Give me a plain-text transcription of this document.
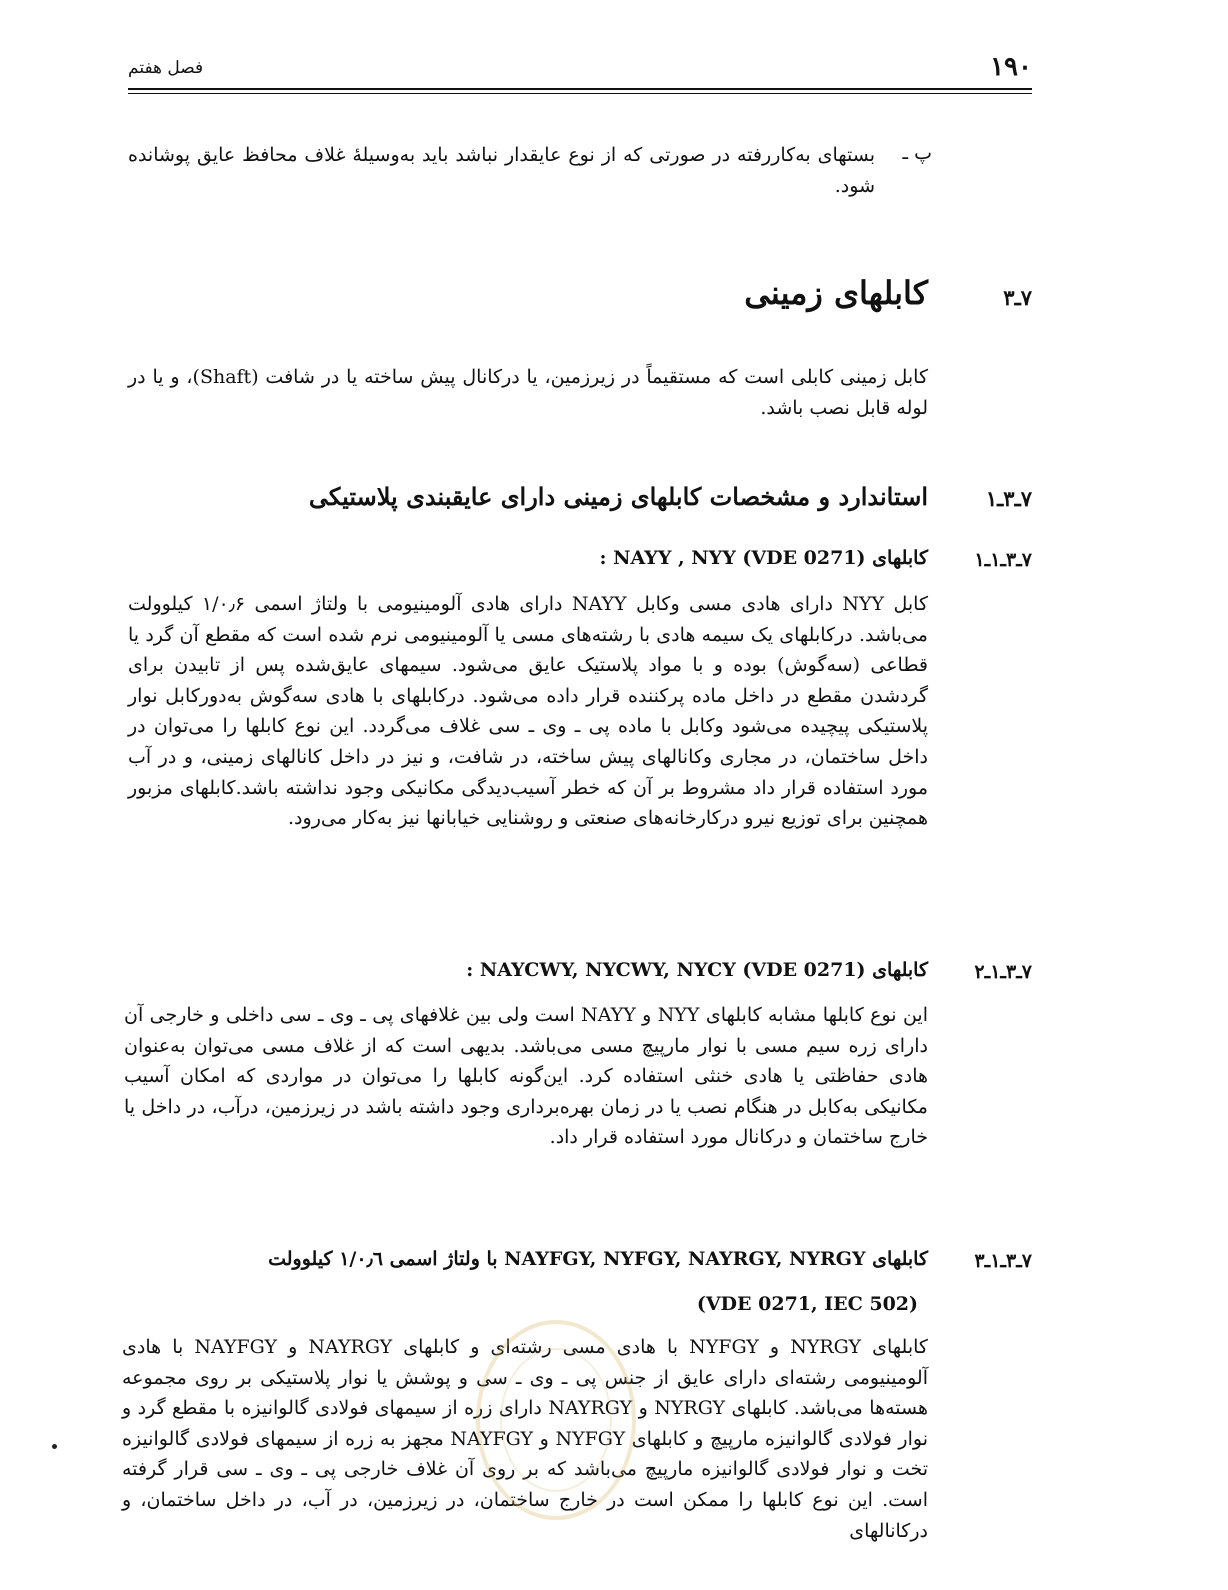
۱۹۰
فصل هفتم
پ ـ
بستهای به‌کاررفته در صورتی که از نوع عایقدار نباشد باید به‌وسیلهٔ غلاف محافظ عایق پوشانده شود.
۷ـ۳
کابلهای زمینی
کابل زمینی کابلی است که مستقیماً در زیرزمین، یا درکانال پیش ساخته یا در شافت (Shaft)، و یا در لوله قابل نصب باشد.
۷ـ۳ـ۱
استاندارد و مشخصات کابلهای زمینی دارای عایقبندی پلاستیکی
۷ـ۳ـ۱ـ۱
کابلهای NAYY , NYY (VDE 0271) :
کابل NYY دارای هادی مسی وکابل NAYY دارای هادی آلومینیومی با ولتاژ اسمی ۱/۰٫۶ کیلوولت می‌باشد. درکابلهای یک سیمه هادی با رشته‌های مسی یا آلومینیومی نرم شده است که مقطع آن گرد یا قطاعی (سه‌گوش) بوده و با مواد پلاستیک عایق می‌شود. سیمهای عایق‌شده پس از تابیدن برای گردشدن مقطع در داخل ماده پرکننده قرار داده می‌شود. درکابلهای با هادی سه‌گوش به‌دورکابل نوار پلاستیکی پیچیده می‌شود وکابل با ماده پی ـ وی ـ سی غلاف می‌گردد. این نوع کابلها را می‌توان در داخل ساختمان، در مجاری وکانالهای پیش ساخته، در شافت، و نیز در داخل کانالهای زمینی، و در آب مورد استفاده قرار داد مشروط بر آن که خطر آسیب‌دیدگی مکانیکی وجود نداشته باشد.کابلهای مزبور همچنین برای توزیع نیرو درکارخانه‌های صنعتی و روشنایی خیابانها نیز به‌کار می‌رود.
۷ـ۳ـ۱ـ۲
کابلهای NAYCWY, NYCWY, NYCY (VDE 0271) :
این نوع کابلها مشابه کابلهای NYY و NAYY است ولی بین غلافهای پی ـ وی ـ سی داخلی و خارجی آن دارای زره سیم مسی با نوار مارپیچ مسی می‌باشد. بدیهی است که از غلاف مسی می‌توان به‌عنوان هادی حفاظتی یا هادی خنثی استفاده کرد. این‌گونه کابلها را می‌توان در مواردی که امکان آسیب مکانیکی به‌کابل در هنگام نصب یا در زمان بهره‌برداری وجود داشته باشد در زیرزمین، درآب، در داخل یا خارج ساختمان و درکانال مورد استفاده قرار داد.
۷ـ۳ـ۱ـ۳
کابلهای NAYFGY, NYFGY, NAYRGY, NYRGY با ولتاژ اسمی ۱/۰٫٦ کیلوولت
(VDE 0271, IEC 502)
کابلهای NYRGY و NYFGY با هادی مسی رشته‌ای و کابلهای NAYRGY و NAYFGY با هادی آلومینیومی رشته‌ای دارای عایق از جنس پی ـ وی ـ سی و پوشش یا نوار پلاستیکی بر روی مجموعه هسته‌ها می‌باشد. کابلهای NYRGY و NAYRGY دارای زره از سیمهای فولادی گالوانیزه با مقطع گرد و نوار فولادی گالوانیزه مارپیچ و کابلهای NYFGY و NAYFGY مجهز به زره از سیمهای فولادی گالوانیزه تخت و نوار فولادی گالوانیزه مارپیچ می‌باشد که بر روی آن غلاف خارجی پی ـ وی ـ سی قرار گرفته است. این نوع کابلها را ممکن است در خارج ساختمان، در زیرزمین، در آب، در داخل ساختمان، و درکانالهای
